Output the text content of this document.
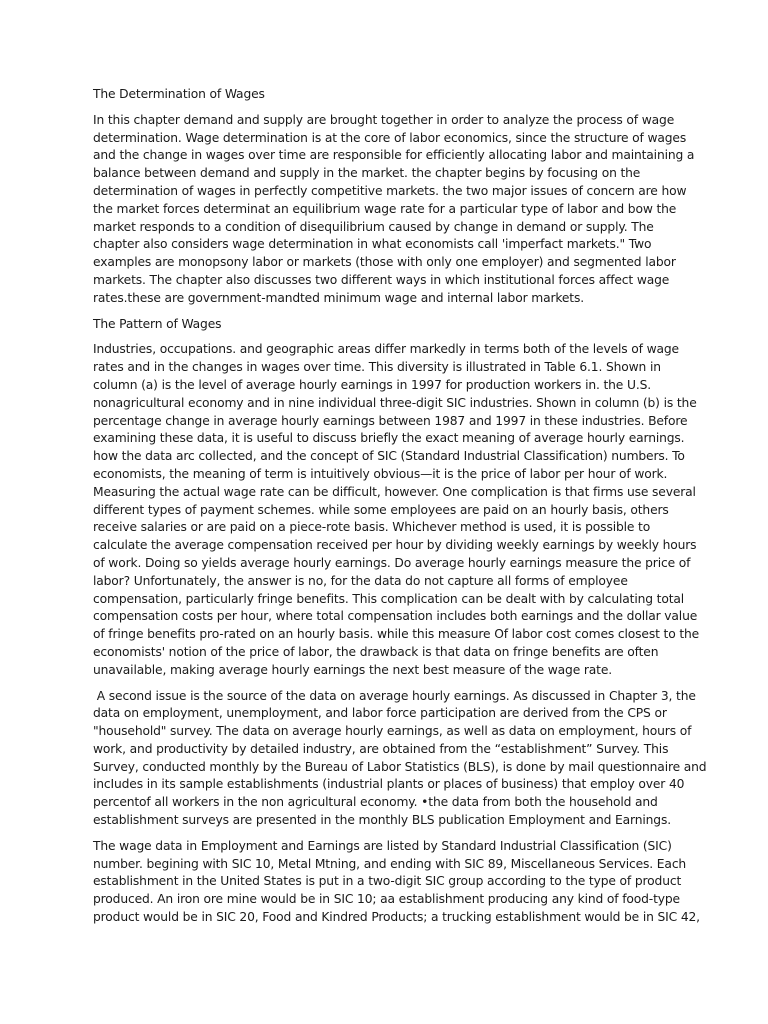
The Determination of Wages

In this chapter demand and supply are brought together in order to analyze the process of wage
determination. Wage determination is at the core of labor economics, since the structure of wages
and the change in wages over time are responsible for efficiently allocating labor and maintaining a
balance between demand and supply in the market. the chapter begins by focusing on the
determination of wages in perfectly competitive markets. the two major issues of concern are how
the market forces determinat an equilibrium wage rate for a particular type of labor and bow the
market responds to a condition of disequilibrium caused by change in demand or supply. The
chapter also considers wage determination in what economists call 'imperfact markets." Two
examples are monopsony labor or markets (those with only one employer) and segmented labor
markets. The chapter also discusses two different ways in which institutional forces affect wage
rates.these are government-mandted minimum wage and internal labor markets.

The Pattern of Wages

Industries, occupations. and geographic areas differ markedly in terms both of the levels of wage
rates and in the changes in wages over time. This diversity is illustrated in Table 6.1. Shown in
column (a) is the level of average hourly earnings in 1997 for production workers in. the U.S.
nonagricultural economy and in nine individual three-digit SIC industries. Shown in column (b) is the
percentage change in average hourly earnings between 1987 and 1997 in these industries. Before
examining these data, it is useful to discuss briefly the exact meaning of average hourly earnings.
how the data arc collected, and the concept of SIC (Standard Industrial Classification) numbers. To
economists, the meaning of term is intuitively obvious—it is the price of labor per hour of work.
Measuring the actual wage rate can be difficult, however. One complication is that firms use several
different types of payment schemes. while some employees are paid on an hourly basis, others
receive salaries or are paid on a piece-rote basis. Whichever method is used, it is possible to
calculate the average compensation received per hour by dividing weekly earnings by weekly hours
of work. Doing so yields average hourly earnings. Do average hourly earnings measure the price of
labor? Unfortunately, the answer is no, for the data do not capture all forms of employee
compensation, particularly fringe benefits. This complication can be dealt with by calculating total
compensation costs per hour, where total compensation includes both earnings and the dollar value
of fringe benefits pro-rated on an hourly basis. while this measure Of labor cost comes closest to the
economists' notion of the price of labor, the drawback is that data on fringe benefits are often
unavailable, making average hourly earnings the next best measure of the wage rate.

A second issue is the source of the data on average hourly earnings. As discussed in Chapter 3, the
data on employment, unemployment, and labor force participation are derived from the CPS or
"household" survey. The data on average hourly earnings, as well as data on employment, hours of
work, and productivity by detailed industry, are obtained from the “establishment” Survey. This
Survey, conducted monthly by the Bureau of Labor Statistics (BLS), is done by mail questionnaire and
incIudes in its sample establishments (industrial plants or places of business) that employ over 40
percentof all workers in the non agricultural economy. •the data from both the household and
establishment surveys are presented in the monthly BLS publication Employment and Earnings.

The wage data in Employment and Earnings are listed by Standard Industrial Classification (SIC)
number. begining with SIC 10, Metal Mtning, and ending with SIC 89, Miscellaneous Services. Each
establishment in the United States is put in a two-digit SIC group according to the type of product
produced. An iron ore mine would be in SIC 10; aa establishment producing any kind of food-type
product would be in SIC 20, Food and Kindred Products; a trucking establishment would be in SIC 42,
